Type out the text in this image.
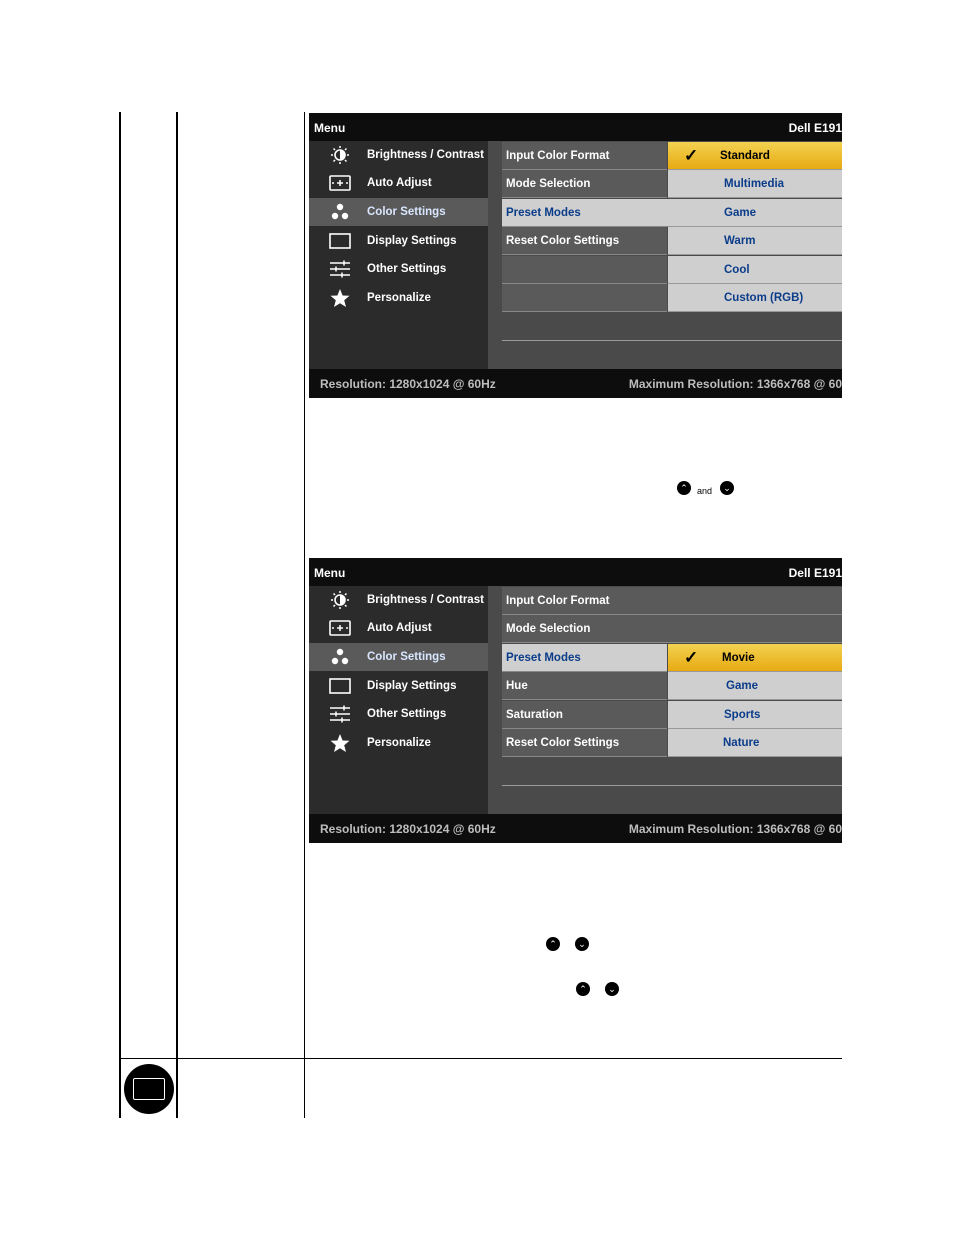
Menu	Dell E191
Brightness / Contrast
Auto Adjust
Color Settings
Display Settings
Other Settings
Personalize
Input Color Format
Mode Selection
Preset Modes
Reset Color Settings
✓ Standard
Multimedia
Game
Warm
Cool
Custom (RGB)
Resolution: 1280x1024 @ 60Hz	Maximum Resolution: 1366x768 @ 60
⌃	and	⌄
Menu	Dell E191
Brightness / Contrast
Auto Adjust
Color Settings
Display Settings
Other Settings
Personalize
Input Color Format
Mode Selection
Preset Modes
Hue
Saturation
Reset Color Settings
✓ Movie
Game
Sports
Nature
Resolution: 1280x1024 @ 60Hz	Maximum Resolution: 1366x768 @ 60
⌃	⌄
⌃	⌄
